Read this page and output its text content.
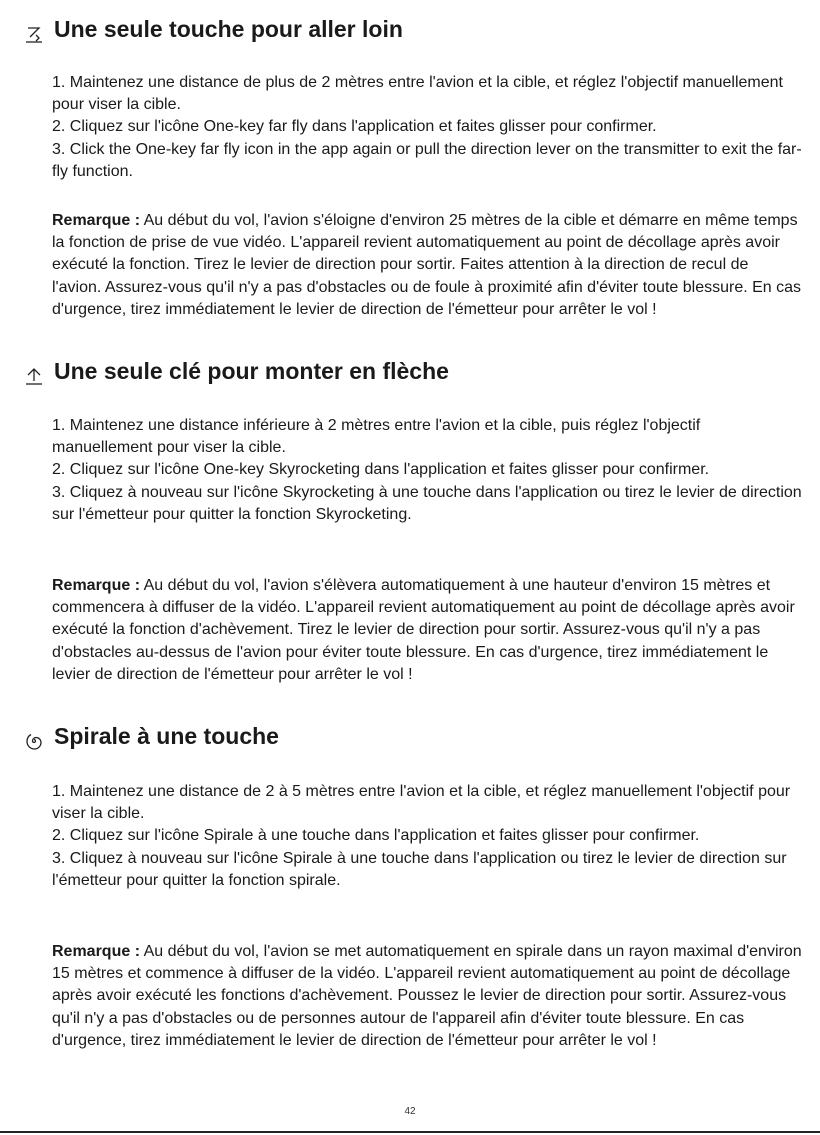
Une seule touche pour aller loin

1. Maintenez une distance de plus de 2 mètres entre l'avion et la cible, et réglez l'objectif manuellement pour viser la cible.

2. Cliquez sur l'icône One-key far fly dans l'application et faites glisser pour confirmer.

3. Click the One-key far fly icon in the app again or pull the direction lever on the transmitter to exit the far-fly function.

Remarque : Au début du vol, l'avion s'éloigne d'environ 25 mètres de la cible et démarre en même temps la fonction de prise de vue vidéo. L'appareil revient automatiquement au point de décollage après avoir exécuté la fonction. Tirez le levier de direction pour sortir. Faites attention à la direction de recul de l'avion. Assurez-vous qu'il n'y a pas d'obstacles ou de foule à proximité afin d'éviter toute blessure. En cas d'urgence, tirez immédiatement le levier de direction de l'émetteur pour arrêter le vol !
Une seule clé pour monter en flèche

1. Maintenez une distance inférieure à 2 mètres entre l'avion et la cible, puis réglez l'objectif manuellement pour viser la cible.

2. Cliquez sur l'icône One-key Skyrocketing dans l'application et faites glisser pour confirmer.

3. Cliquez à nouveau sur l'icône Skyrocketing à une touche dans l'application ou tirez le levier de direction sur l'émetteur pour quitter la fonction Skyrocketing.

Remarque : Au début du vol, l'avion s'élèvera automatiquement à une hauteur d'environ 15 mètres et commencera à diffuser de la vidéo. L'appareil revient automatiquement au point de décollage après avoir exécuté la fonction d'achèvement. Tirez le levier de direction pour sortir. Assurez-vous qu'il n'y a pas d'obstacles au-dessus de l'avion pour éviter toute blessure. En cas d'urgence, tirez immédiatement le levier de direction de l'émetteur pour arrêter le vol !
Spirale à une touche

1. Maintenez une distance de 2 à 5 mètres entre l'avion et la cible, et réglez manuellement l'objectif pour viser la cible.

2. Cliquez sur l'icône Spirale à une touche dans l'application et faites glisser pour confirmer.

3. Cliquez à nouveau sur l'icône Spirale à une touche dans l'application ou tirez le levier de direction sur l'émetteur pour quitter la fonction spirale.

Remarque : Au début du vol, l'avion se met automatiquement en spirale dans un rayon maximal d'environ 15 mètres et commence à diffuser de la vidéo. L'appareil revient automatiquement au point de décollage après avoir exécuté les fonctions d'achèvement. Poussez le levier de direction pour sortir. Assurez-vous qu'il n'y a pas d'obstacles ou de personnes autour de l'appareil afin d'éviter toute blessure. En cas d'urgence, tirez immédiatement le levier de direction de l'émetteur pour arrêter le vol !
42
